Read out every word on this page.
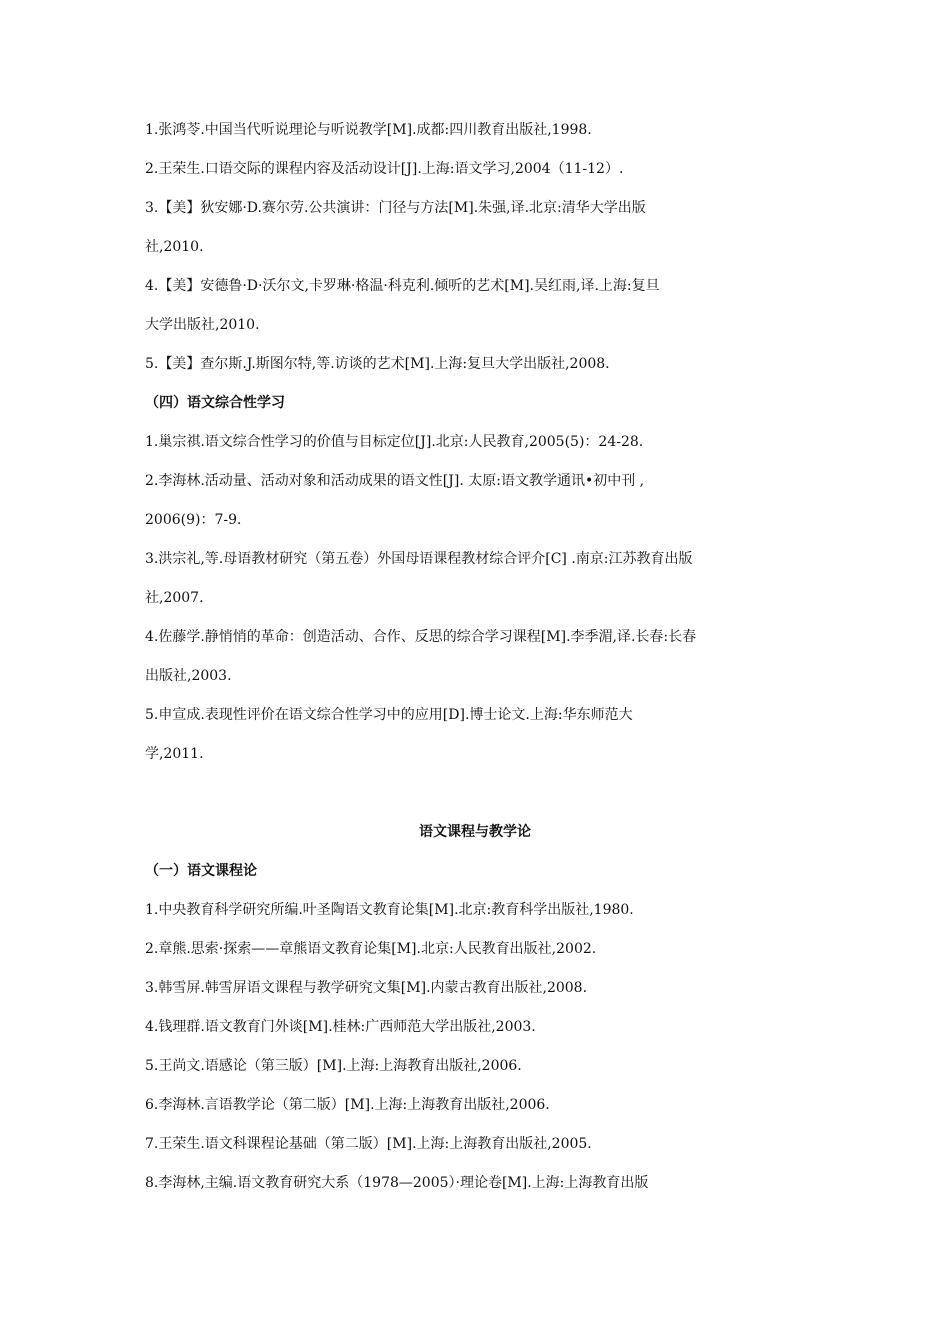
1.张鸿苓.中国当代听说理论与听说教学[M].成都:四川教育出版社,1998.

2.王荣生.口语交际的课程内容及活动设计[J].上海:语文学习,2004（11-12）.

3.【美】狄安娜·D.赛尔劳.公共演讲：门径与方法[M].朱强,译.北京:清华大学出版

社,2010.

4.【美】安德鲁·D·沃尔文,卡罗琳·格温·科克利.倾听的艺术[M].吴红雨,译.上海:复旦

大学出版社,2010.

5.【美】查尔斯.J.斯图尔特,等.访谈的艺术[M].上海:复旦大学出版社,2008.

（四）语文综合性学习

1.巢宗祺.语文综合性学习的价值与目标定位[J].北京:人民教育,2005(5)：24-28.

2.李海林.活动量、活动对象和活动成果的语文性[J]. 太原:语文教学通讯•初中刊 ,

2006(9)：7-9.

3.洪宗礼,等.母语教材研究（第五卷）外国母语课程教材综合评介[C] .南京:江苏教育出版

社,2007.

4.佐藤学.静悄悄的革命：创造活动、合作、反思的综合学习课程[M].李季湄,译.长春:长春

出版社,2003.

5.申宣成.表现性评价在语文综合性学习中的应用[D].博士论文.上海:华东师范大

学,2011.

语文课程与教学论

（一）语文课程论

1.中央教育科学研究所编.叶圣陶语文教育论集[M].北京:教育科学出版社,1980.

2.章熊.思索·探索——章熊语文教育论集[M].北京:人民教育出版社,2002.

3.韩雪屏.韩雪屏语文课程与教学研究文集[M].内蒙古教育出版社,2008.

4.钱理群.语文教育门外谈[M].桂林:广西师范大学出版社,2003.

5.王尚文.语感论（第三版）[M].上海:上海教育出版社,2006.

6.李海林.言语教学论（第二版）[M].上海:上海教育出版社,2006.

7.王荣生.语文科课程论基础（第二版）[M].上海:上海教育出版社,2005.

8.李海林,主编.语文教育研究大系（1978—2005）·理论卷[M].上海:上海教育出版
